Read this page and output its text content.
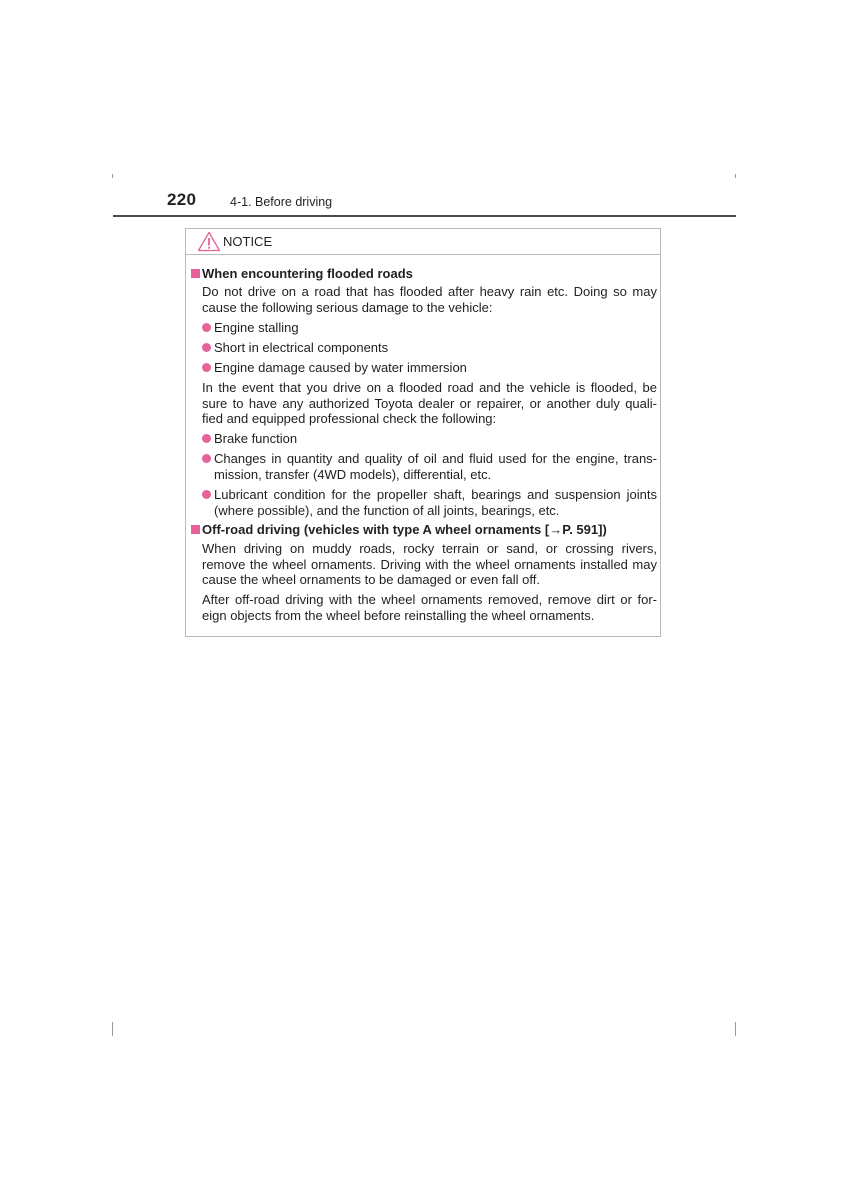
220	4-1. Before driving
NOTICE
When encountering flooded roads
Do not drive on a road that has flooded after heavy rain etc. Doing so may cause the following serious damage to the vehicle:
Engine stalling
Short in electrical components
Engine damage caused by water immersion
In the event that you drive on a flooded road and the vehicle is flooded, be sure to have any authorized Toyota dealer or repairer, or another duly quali-fied and equipped professional check the following:
Brake function
Changes in quantity and quality of oil and fluid used for the engine, trans-mission, transfer (4WD models), differential, etc.
Lubricant condition for the propeller shaft, bearings and suspension joints (where possible), and the function of all joints, bearings, etc.
Off-road driving (vehicles with type A wheel ornaments [→P. 591])
When driving on muddy roads, rocky terrain or sand, or crossing rivers, remove the wheel ornaments. Driving with the wheel ornaments installed may cause the wheel ornaments to be damaged or even fall off.
After off-road driving with the wheel ornaments removed, remove dirt or for-eign objects from the wheel before reinstalling the wheel ornaments.
